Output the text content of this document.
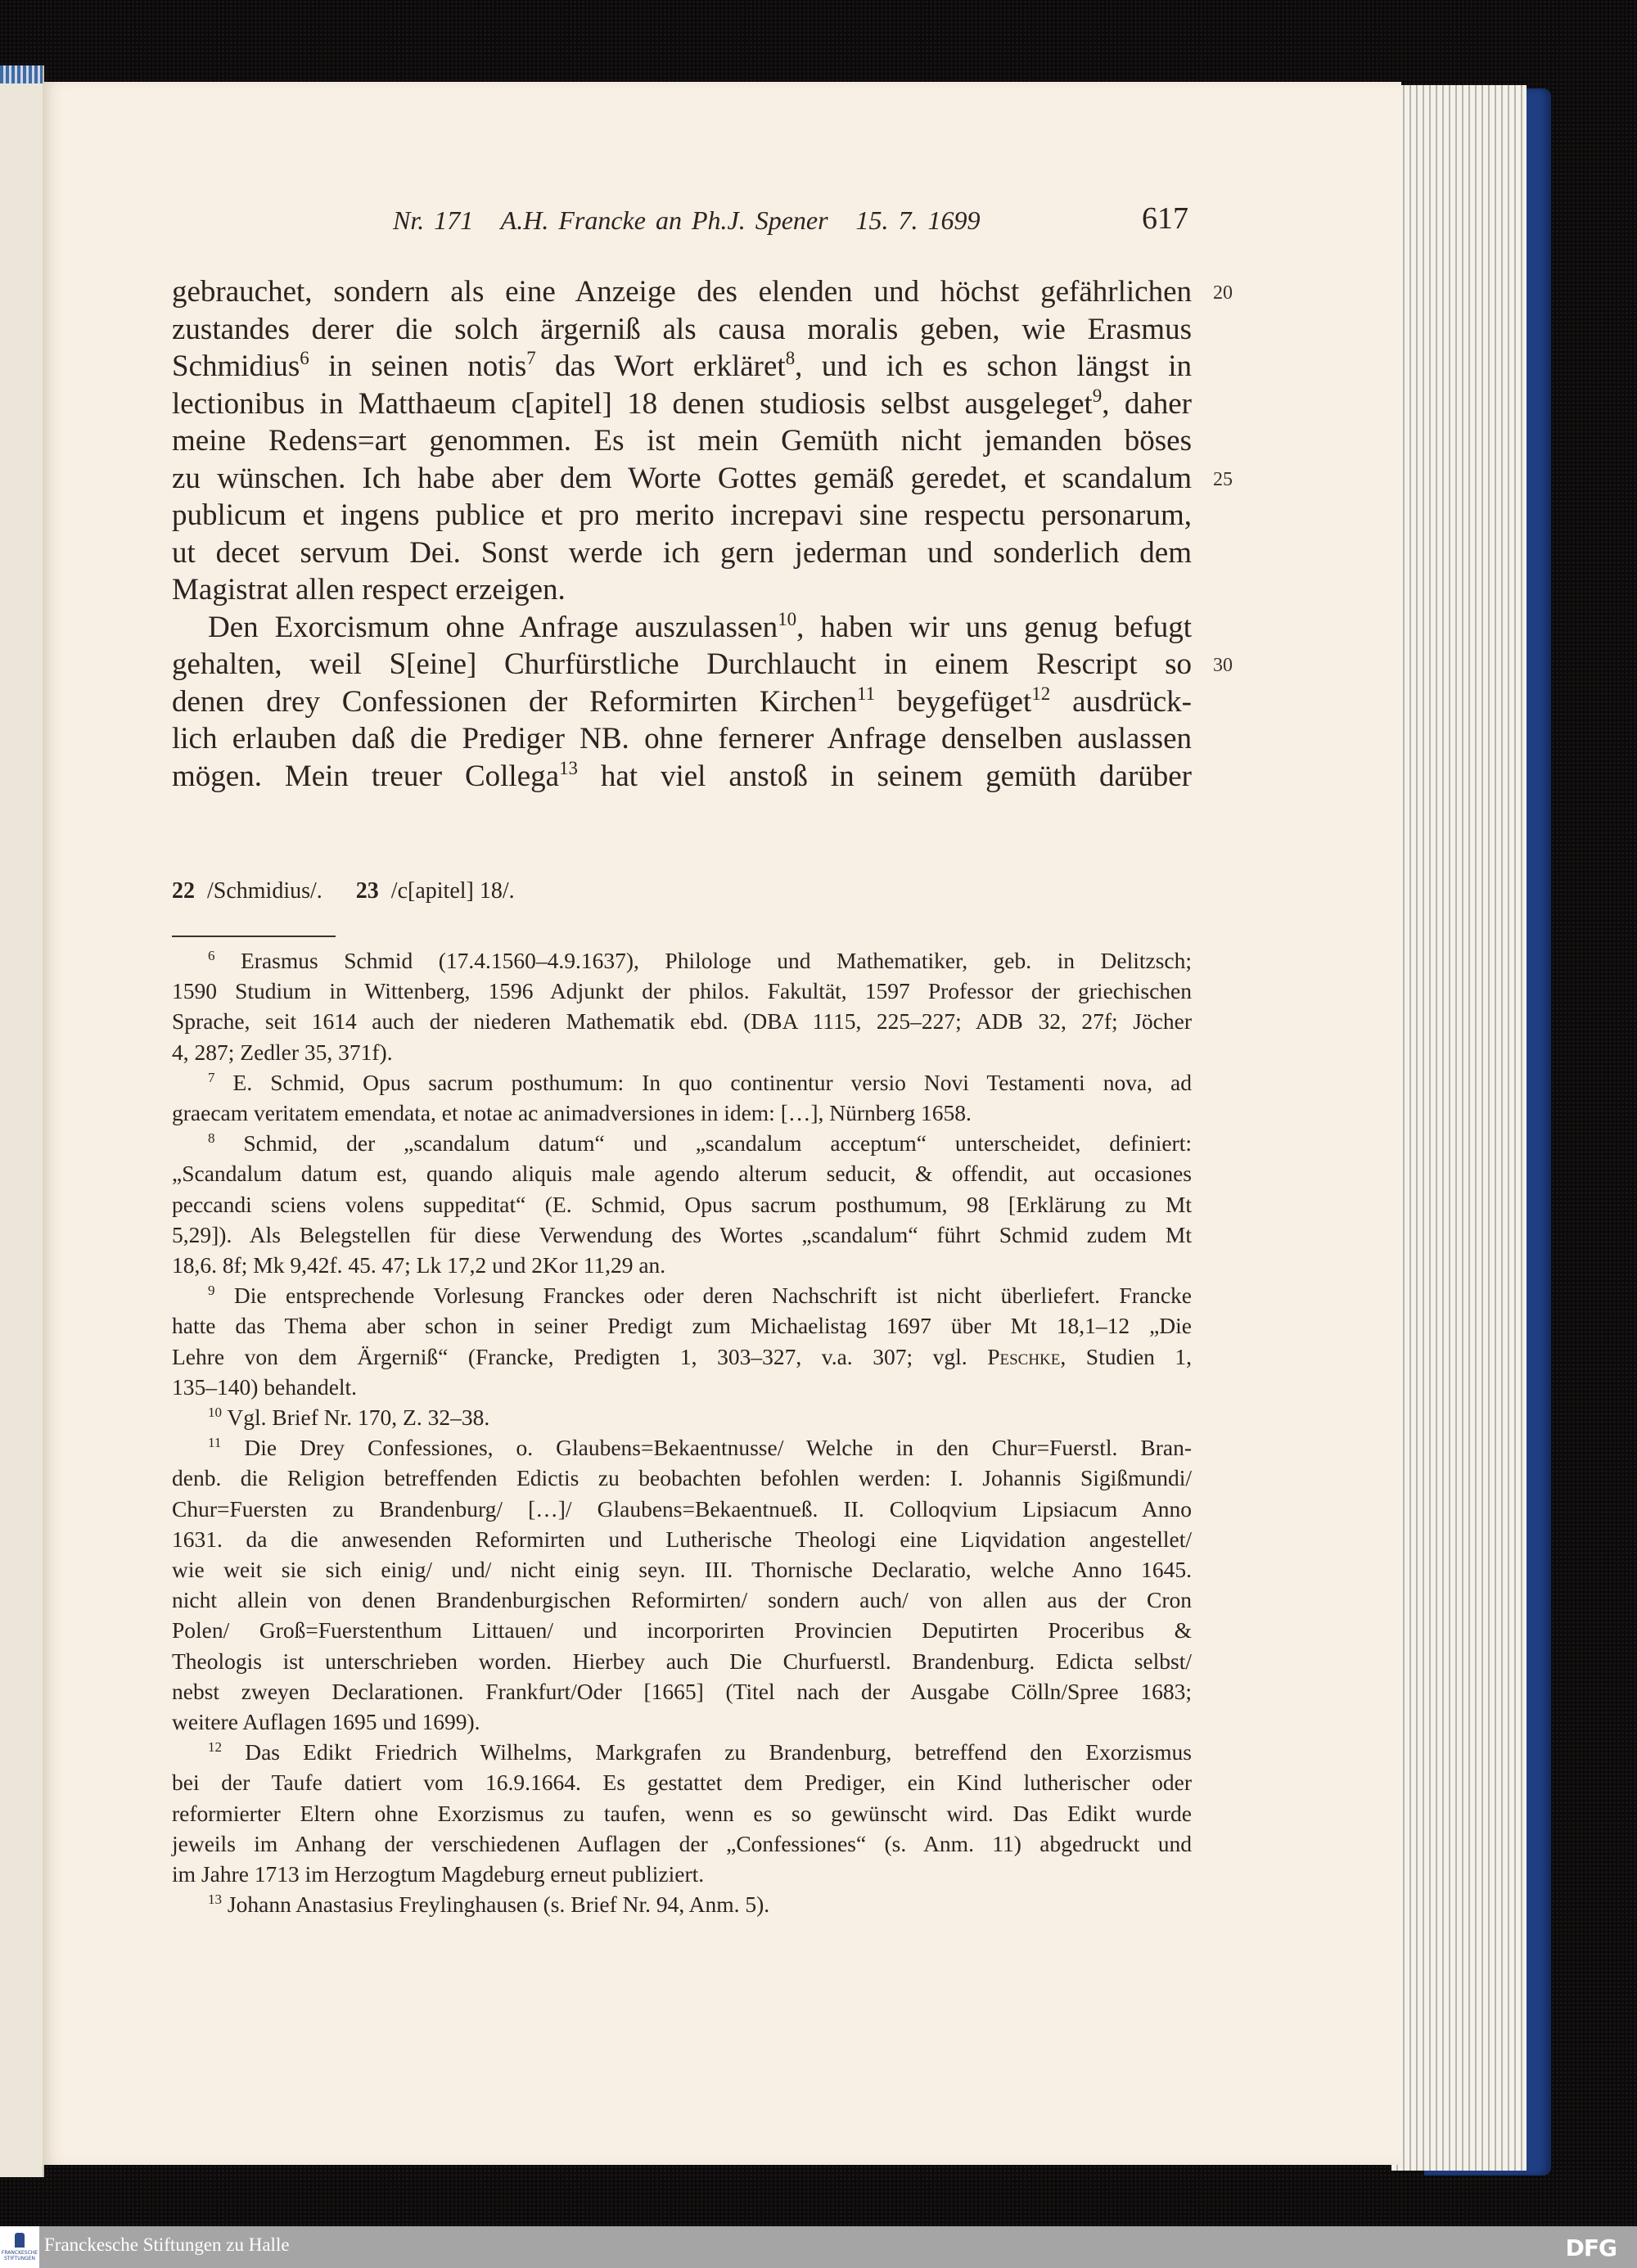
Nr. 171 A.H. Francke an Ph.J. Spener 15. 7. 1699	617
gebrauchet, sondern als eine Anzeige des elenden und höchst gefährlichen 20
zustandes derer die solch ärgerniß als causa moralis geben, wie Erasmus
Schmidius$^6$ in seinen notis$^7$ das Wort erkläret$^8$, und ich es schon längst in
lectionibus in Matthaeum c[apitel] 18 denen studiosis selbst ausgeleget$^9$, daher
meine Redens=art genommen. Es ist mein Gemüth nicht jemanden böses
zu wünschen. Ich habe aber dem Worte Gottes gemäß geredet, et scandalum 25
publicum et ingens publice et pro merito increpavi sine respectu personarum,
ut decet servum Dei. Sonst werde ich gern jederman und sonderlich dem
Magistrat allen respect erzeigen.
Den Exorcismum ohne Anfrage auszulassen$^{10}$, haben wir uns genug befugt
gehalten, weil S[eine] Churfürstliche Durchlaucht in einem Rescript so 30
denen drey Confessionen der Reformirten Kirchen$^{11}$ beygefüget$^{12}$ ausdrück-
lich erlauben daß die Prediger NB. ohne fernerer Anfrage denselben auslassen
mögen. Mein treuer Collega$^{13}$ hat viel anstoß in seinem gemüth darüber
22 /Schmidius/. 23 /c[apitel] 18/.
$^6$ Erasmus Schmid (17.4.1560–4.9.1637), Philologe und Mathematiker, geb. in Delitzsch;
1590 Studium in Wittenberg, 1596 Adjunkt der philos. Fakultät, 1597 Professor der griechischen
Sprache, seit 1614 auch der niederen Mathematik ebd. (DBA 1115, 225–227; ADB 32, 27f; Jöcher
4, 287; Zedler 35, 371f).
$^7$ E. Schmid, Opus sacrum posthumum: In quo continentur versio Novi Testamenti nova, ad
graecam veritatem emendata, et notae ac animadversiones in idem: […], Nürnberg 1658.
$^8$ Schmid, der „scandalum datum“ und „scandalum acceptum“ unterscheidet, definiert:
„Scandalum datum est, quando aliquis male agendo alterum seducit, & offendit, aut occasiones
peccandi sciens volens suppeditat“ (E. Schmid, Opus sacrum posthumum, 98 [Erklärung zu Mt
5,29]). Als Belegstellen für diese Verwendung des Wortes „scandalum“ führt Schmid zudem Mt
18,6. 8f; Mk 9,42f. 45. 47; Lk 17,2 und 2Kor 11,29 an.
$^9$ Die entsprechende Vorlesung Franckes oder deren Nachschrift ist nicht überliefert. Francke
hatte das Thema aber schon in seiner Predigt zum Michaelistag 1697 über Mt 18,1–12 „Die
Lehre von dem Ärgerniß“ (Francke, Predigten 1, 303–327, v.a. 307; vgl. Peschke, Studien 1,
135–140) behandelt.
$^{10}$ Vgl. Brief Nr. 170, Z. 32–38.
$^{11}$ Die Drey Confessiones, o. Glaubens=Bekaentnusse/ Welche in den Chur=Fuerstl. Bran-
denb. die Religion betreffenden Edictis zu beobachten befohlen werden: I. Johannis Sigißmundi/
Chur=Fuersten zu Brandenburg/ […]/ Glaubens=Bekaentnueß. II. Colloqvium Lipsiacum Anno
1631. da die anwesenden Reformirten und Lutherische Theologi eine Liqvidation angestellet/
wie weit sie sich einig/ und/ nicht einig seyn. III. Thornische Declaratio, welche Anno 1645.
nicht allein von denen Brandenburgischen Reformirten/ sondern auch/ von allen aus der Cron
Polen/ Groß=Fuerstenthum Littauen/ und incorporirten Provincien Deputirten Proceribus &
Theologis ist unterschrieben worden. Hierbey auch Die Churfuerstl. Brandenburg. Edicta selbst/
nebst zweyen Declarationen. Frankfurt/Oder [1665] (Titel nach der Ausgabe Cölln/Spree 1683;
weitere Auflagen 1695 und 1699).
$^{12}$ Das Edikt Friedrich Wilhelms, Markgrafen zu Brandenburg, betreffend den Exorzismus
bei der Taufe datiert vom 16.9.1664. Es gestattet dem Prediger, ein Kind lutherischer oder
reformierter Eltern ohne Exorzismus zu taufen, wenn es so gewünscht wird. Das Edikt wurde
jeweils im Anhang der verschiedenen Auflagen der „Confessiones“ (s. Anm. 11) abgedruckt und
im Jahre 1713 im Herzogtum Magdeburg erneut publiziert.
$^{13}$ Johann Anastasius Freylinghausen (s. Brief Nr. 94, Anm. 5).
FRANCKESCHE
STIFTUNGEN
Franckesche Stiftungen zu Halle	DFG
